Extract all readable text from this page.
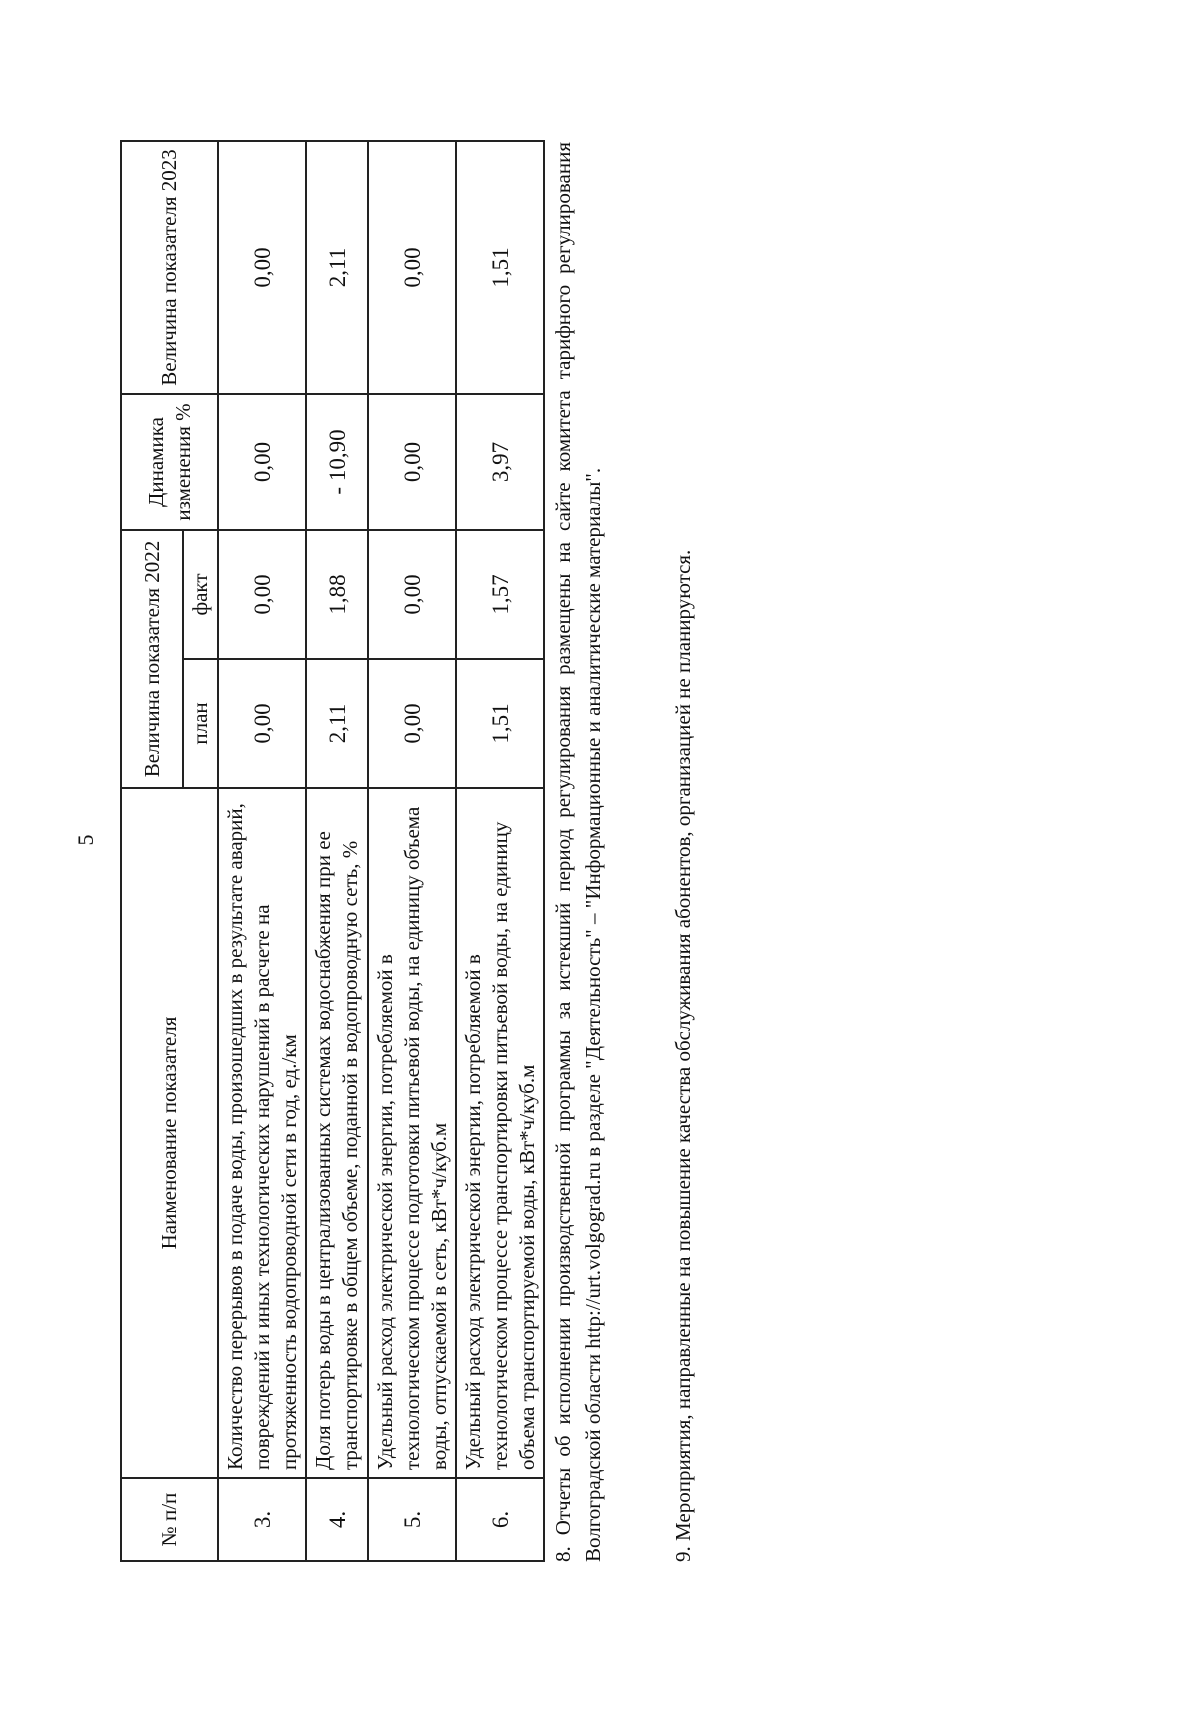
5
№ п/п	Наименование показателя	Величина показателя 2022		Динамика изменения %	Величина показателя 2023
		план	факт		
3.	Количество перерывов в подаче воды, произошедших в результате аварий, повреждений и иных технологических нарушений в расчете на протяженность водопроводной сети в год, ед./км	0,00	0,00	0,00	0,00
4.	Доля потерь воды в централизованных системах водоснабжения при ее транспортировке в общем объеме, поданной в водопроводную сеть, %	2,11	1,88	- 10,90	2,11
5.	Удельный расход электрической энергии, потребляемой в технологическом процессе подготовки питьевой воды, на единицу объема воды, отпускаемой в сеть, кВт*ч/куб.м	0,00	0,00	0,00	0,00
6.	Удельный расход электрической энергии, потребляемой в технологическом процессе транспортировки питьевой воды, на единицу объема транспортируемой воды, кВт*ч/куб.м	1,51	1,57	3,97	1,51 8. Отчеты об исполнении производственной программы за истекший период регулирования размещены на сайте комитета тарифного регулирования Волгоградской области http://urt.volgograd.ru в разделе "Деятельность" – "Информационные и аналитические материалы".	9. Мероприятия, направленные на повышение качества обслуживания абонентов, организацией не планируются.
